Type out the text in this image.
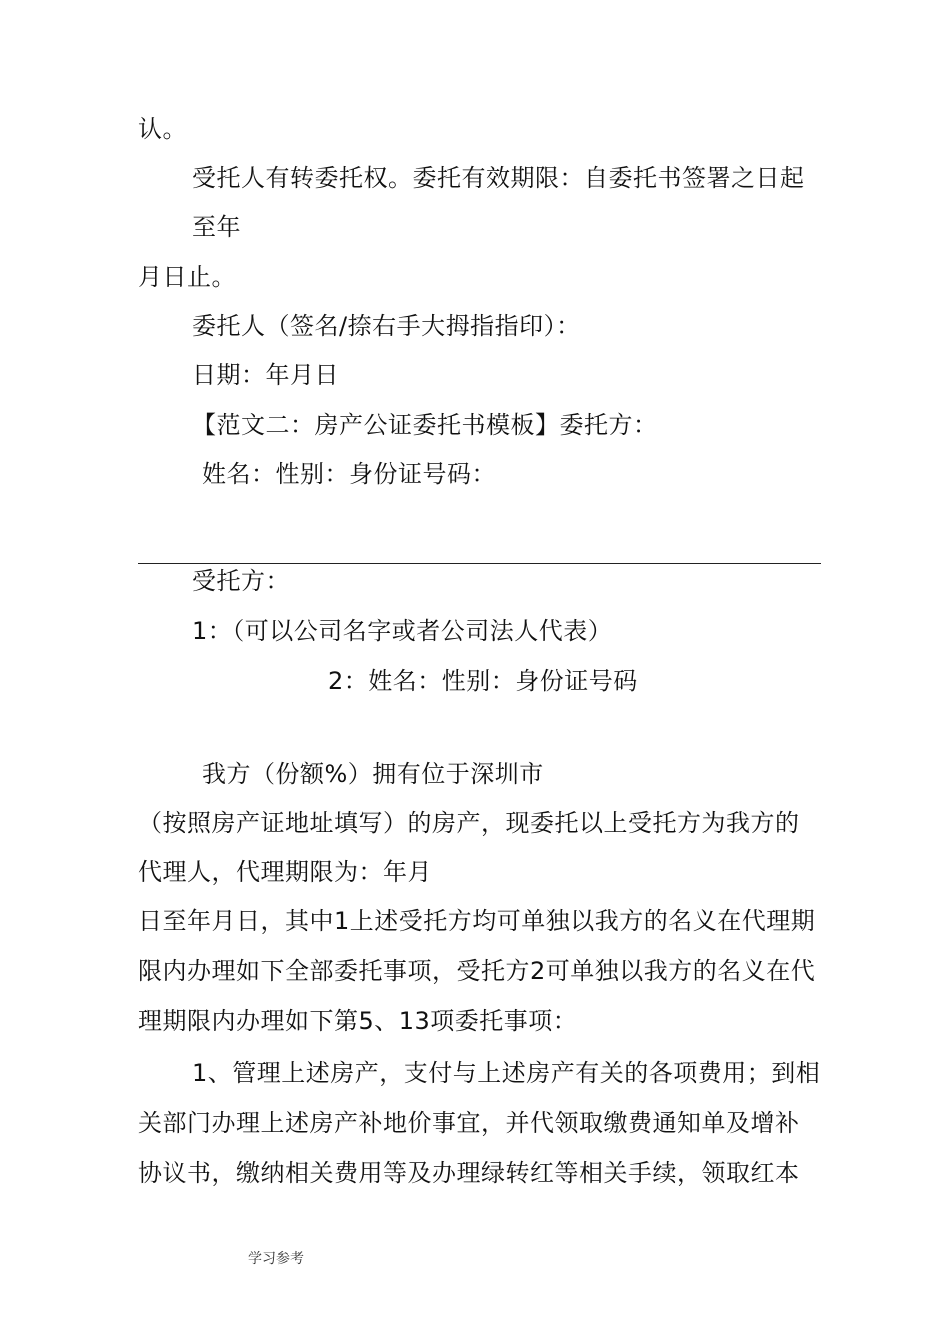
认。
受托人有转委托权。委托有效期限：自委托书签署之日起
至年
月日止。
委托人（签名/捺右手大拇指指印）：
日期：年月日
【范文二：房产公证委托书模板】委托方：
姓名：性别：身份证号码：
受托方：
1：（可以公司名字或者公司法人代表）
2：姓名：性别：身份证号码
我方（份额%）拥有位于深圳市
（按照房产证地址填写）的房产，现委托以上受托方为我方的
代理人，代理期限为：年月
日至年月日，其中1上述受托方均可单独以我方的名义在代理期
限内办理如下全部委托事项，受托方2可单独以我方的名义在代
理期限内办理如下第5、13项委托事项：
1、管理上述房产，支付与上述房产有关的各项费用；到相
关部门办理上述房产补地价事宜，并代领取缴费通知单及增补
协议书，缴纳相关费用等及办理绿转红等相关手续，领取红本
学习参考
